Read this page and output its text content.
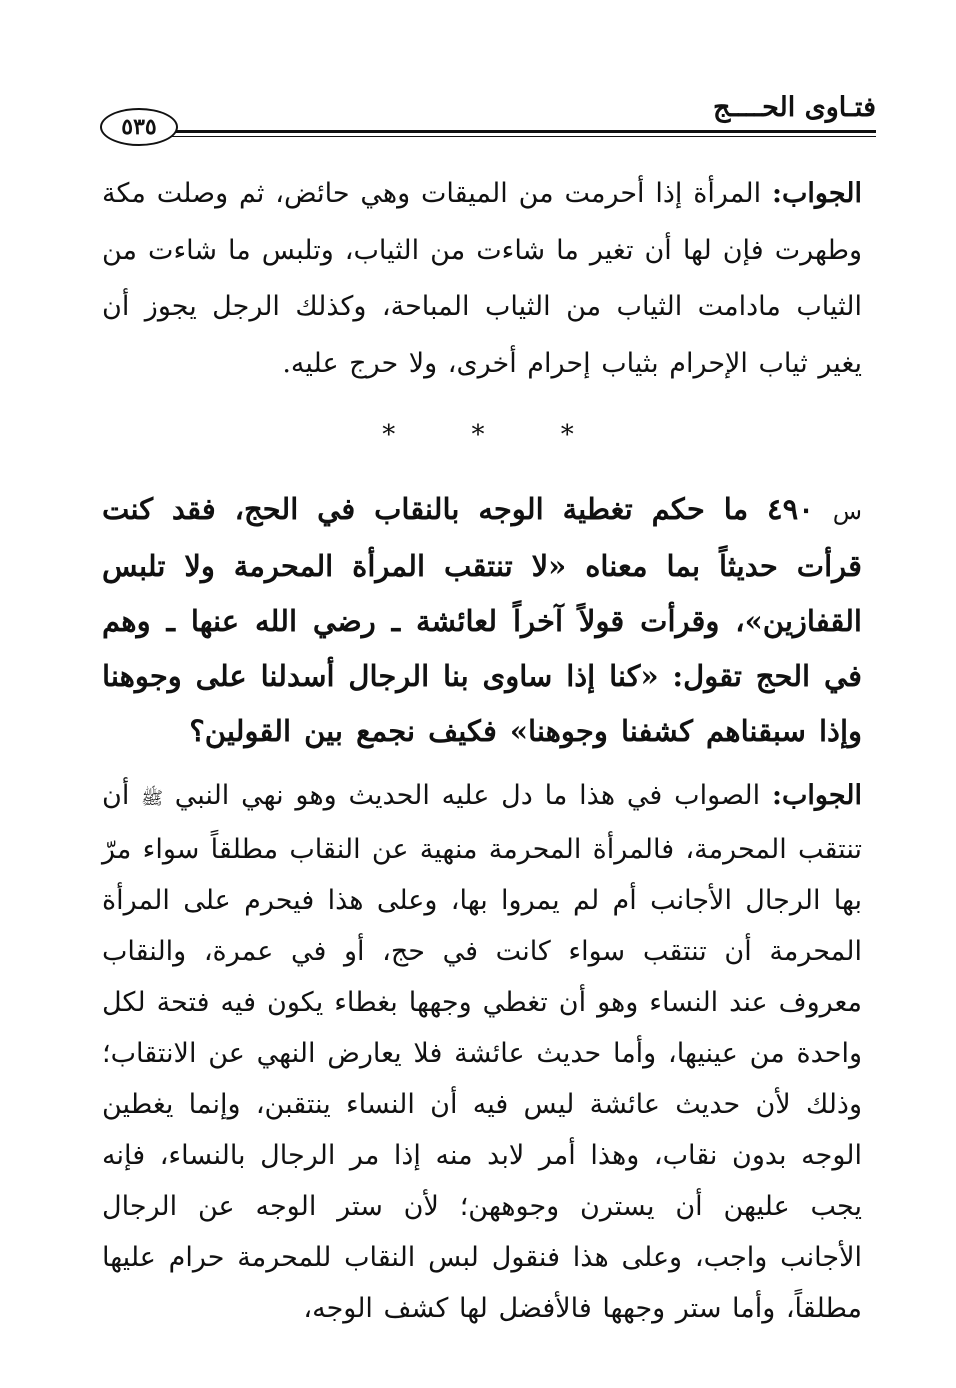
فتـاوى الحــــج
٥٣٥

الجواب: المرأة إذا أحرمت من الميقات وهي حائض، ثم وصلت مكة وطهرت فإن لها أن تغير ما شاءت من الثياب، وتلبس ما شاءت من الثياب مادامت الثياب من الثياب المباحة، وكذلك الرجل يجوز أن يغير ثياب الإحرام بثياب إحرام أخرى، ولا حرج عليه.

* * *
س ٤٩٠ ما حكم تغطية الوجه بالنقاب في الحج، فقد كنت قرأت حديثاً بما معناه «لا تنتقب المرأة المحرمة ولا تلبس القفازين»، وقرأت قولاً آخراً لعائشة ـ رضي الله عنها ـ وهم في الحج تقول: «كنا إذا ساوى بنا الرجال أسدلنا على وجوهنا وإذا سبقناهم كشفنا وجوهنا» فكيف نجمع بين القولين؟

الجواب: الصواب في هذا ما دل عليه الحديث وهو نهي النبي ﷺ أن تنتقب المحرمة، فالمرأة المحرمة منهية عن النقاب مطلقاً سواء مرّ بها الرجال الأجانب أم لم يمروا بها، وعلى هذا فيحرم على المرأة المحرمة أن تنتقب سواء كانت في حج، أو في عمرة، والنقاب معروف عند النساء وهو أن تغطي وجهها بغطاء يكون فيه فتحة لكل واحدة من عينيها، وأما حديث عائشة فلا يعارض النهي عن الانتقاب؛ وذلك لأن حديث عائشة ليس فيه أن النساء ينتقبن، وإنما يغطين الوجه بدون نقاب، وهذا أمر لابد منه إذا مر الرجال بالنساء، فإنه يجب عليهن أن يسترن وجوههن؛ لأن ستر الوجه عن الرجال الأجانب واجب، وعلى هذا فنقول لبس النقاب للمحرمة حرام عليها مطلقاً، وأما ستر وجهها فالأفضل لها كشف الوجه،
